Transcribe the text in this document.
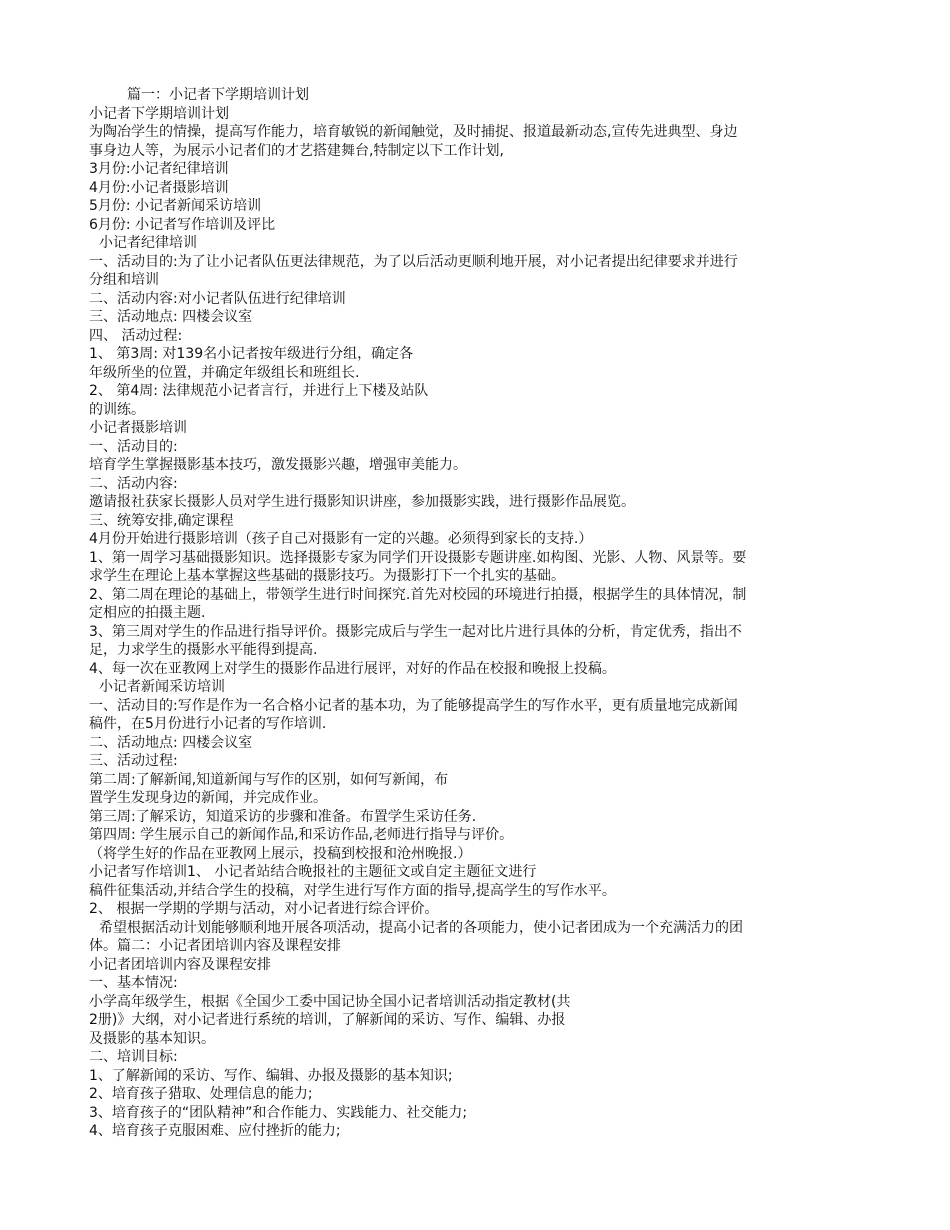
篇一：小记者下学期培训计划
小记者下学期培训计划
为陶冶学生的情操，提高写作能力，培育敏锐的新闻触觉，及时捕捉、报道最新动态,宣传先进典型、身边
事身边人等，为展示小记者们的才艺搭建舞台,特制定以下工作计划,
3月份:小记者纪律培训
4月份:小记者摄影培训
5月份: 小记者新闻采访培训
6月份: 小记者写作培训及评比
小记者纪律培训
一、活动目的:为了让小记者队伍更法律规范，为了以后活动更顺利地开展，对小记者提出纪律要求并进行
分组和培训
二、活动内容:对小记者队伍进行纪律培训
三、活动地点: 四楼会议室
四、 活动过程:
1、 第3周: 对139名小记者按年级进行分组，确定各
年级所坐的位置，并确定年级组长和班组长.
2、 第4周: 法律规范小记者言行，并进行上下楼及站队
的训练。
小记者摄影培训
一、活动目的:
培育学生掌握摄影基本技巧，激发摄影兴趣，增强审美能力。
二、活动内容:
邀请报社获家长摄影人员对学生进行摄影知识讲座，参加摄影实践，进行摄影作品展览。
三、统筹安排,确定课程
4月份开始进行摄影培训（孩子自己对摄影有一定的兴趣。必须得到家长的支持.）
1、第一周学习基础摄影知识。选择摄影专家为同学们开设摄影专题讲座.如构图、光影、人物、风景等。要
求学生在理论上基本掌握这些基础的摄影技巧。为摄影打下一个扎实的基础。
2、第二周在理论的基础上，带领学生进行时间探究.首先对校园的环境进行拍摄，根据学生的具体情况，制
定相应的拍摄主题.
3、第三周对学生的作品进行指导评价。摄影完成后与学生一起对比片进行具体的分析，肯定优秀，指出不
足，力求学生的摄影水平能得到提高.
4、每一次在亚教网上对学生的摄影作品进行展评，对好的作品在校报和晚报上投稿。
小记者新闻采访培训
一、活动目的:写作是作为一名合格小记者的基本功，为了能够提高学生的写作水平，更有质量地完成新闻
稿件，在5月份进行小记者的写作培训.
二、活动地点: 四楼会议室
三、活动过程:
第二周:了解新闻,知道新闻与写作的区别，如何写新闻，布
置学生发现身边的新闻，并完成作业。
第三周:了解采访，知道采访的步骤和准备。布置学生采访任务.
第四周: 学生展示自己的新闻作品,和采访作品,老师进行指导与评价。
（将学生好的作品在亚教网上展示，投稿到校报和沧州晚报.）
小记者写作培训1、 小记者站结合晚报社的主题征文或自定主题征文进行
稿件征集活动,并结合学生的投稿，对学生进行写作方面的指导,提高学生的写作水平。
2、 根据一学期的学期与活动，对小记者进行综合评价。
希望根据活动计划能够顺利地开展各项活动，提高小记者的各项能力，使小记者团成为一个充满活力的团
体。篇二：小记者团培训内容及课程安排
小记者团培训内容及课程安排
一、基本情况:
小学高年级学生，根据《全国少工委中国记协全国小记者培训活动指定教材(共
2册)》大纲，对小记者进行系统的培训，了解新闻的采访、写作、编辑、办报
及摄影的基本知识。
二、培训目标:
1、了解新闻的采访、写作、编辑、办报及摄影的基本知识;
2、培育孩子猎取、处理信息的能力;
3、培育孩子的“团队精神”和合作能力、实践能力、社交能力;
4、培育孩子克服困难、应付挫折的能力;
